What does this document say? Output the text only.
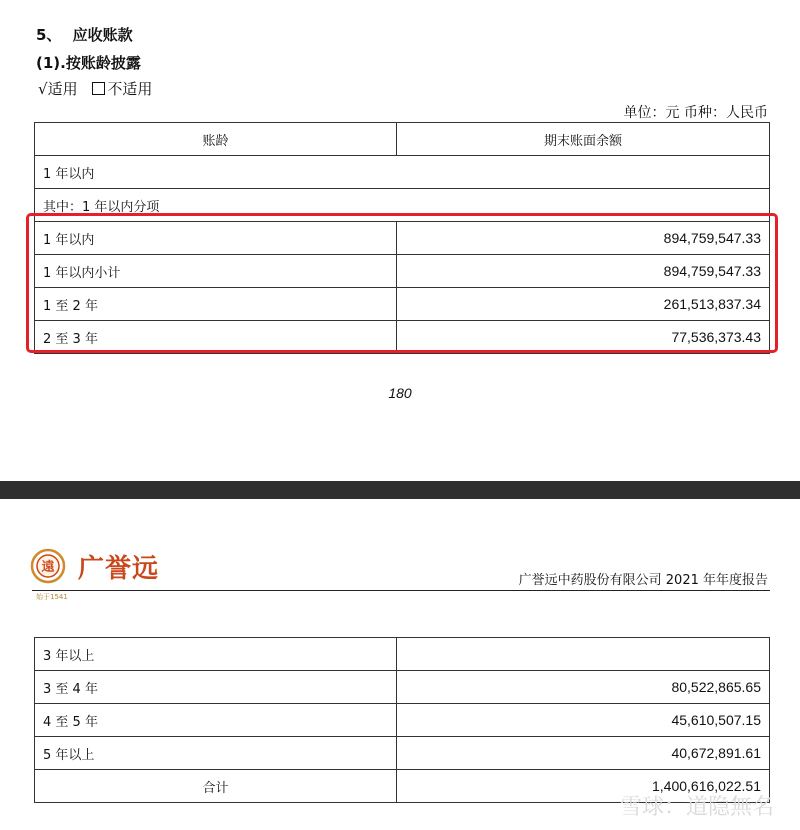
5、 应收账款
(1).按账龄披露
√适用 不适用
单位：元 币种：人民币
账龄	期末账面余额
1 年以内	
其中：1 年以内分项	
1 年以内	894,759,547.33
1 年以内小计	894,759,547.33
1 至 2 年	261,513,837.34
2 至 3 年	77,536,373.43
180
遠 广誉远
始于1541
广誉远中药股份有限公司 2021 年年度报告
3 年以上	
3 至 4 年	80,522,865.65
4 至 5 年	45,610,507.15
5 年以上	40,672,891.61
合计	1,400,616,022.51
雪球：道隐無名
